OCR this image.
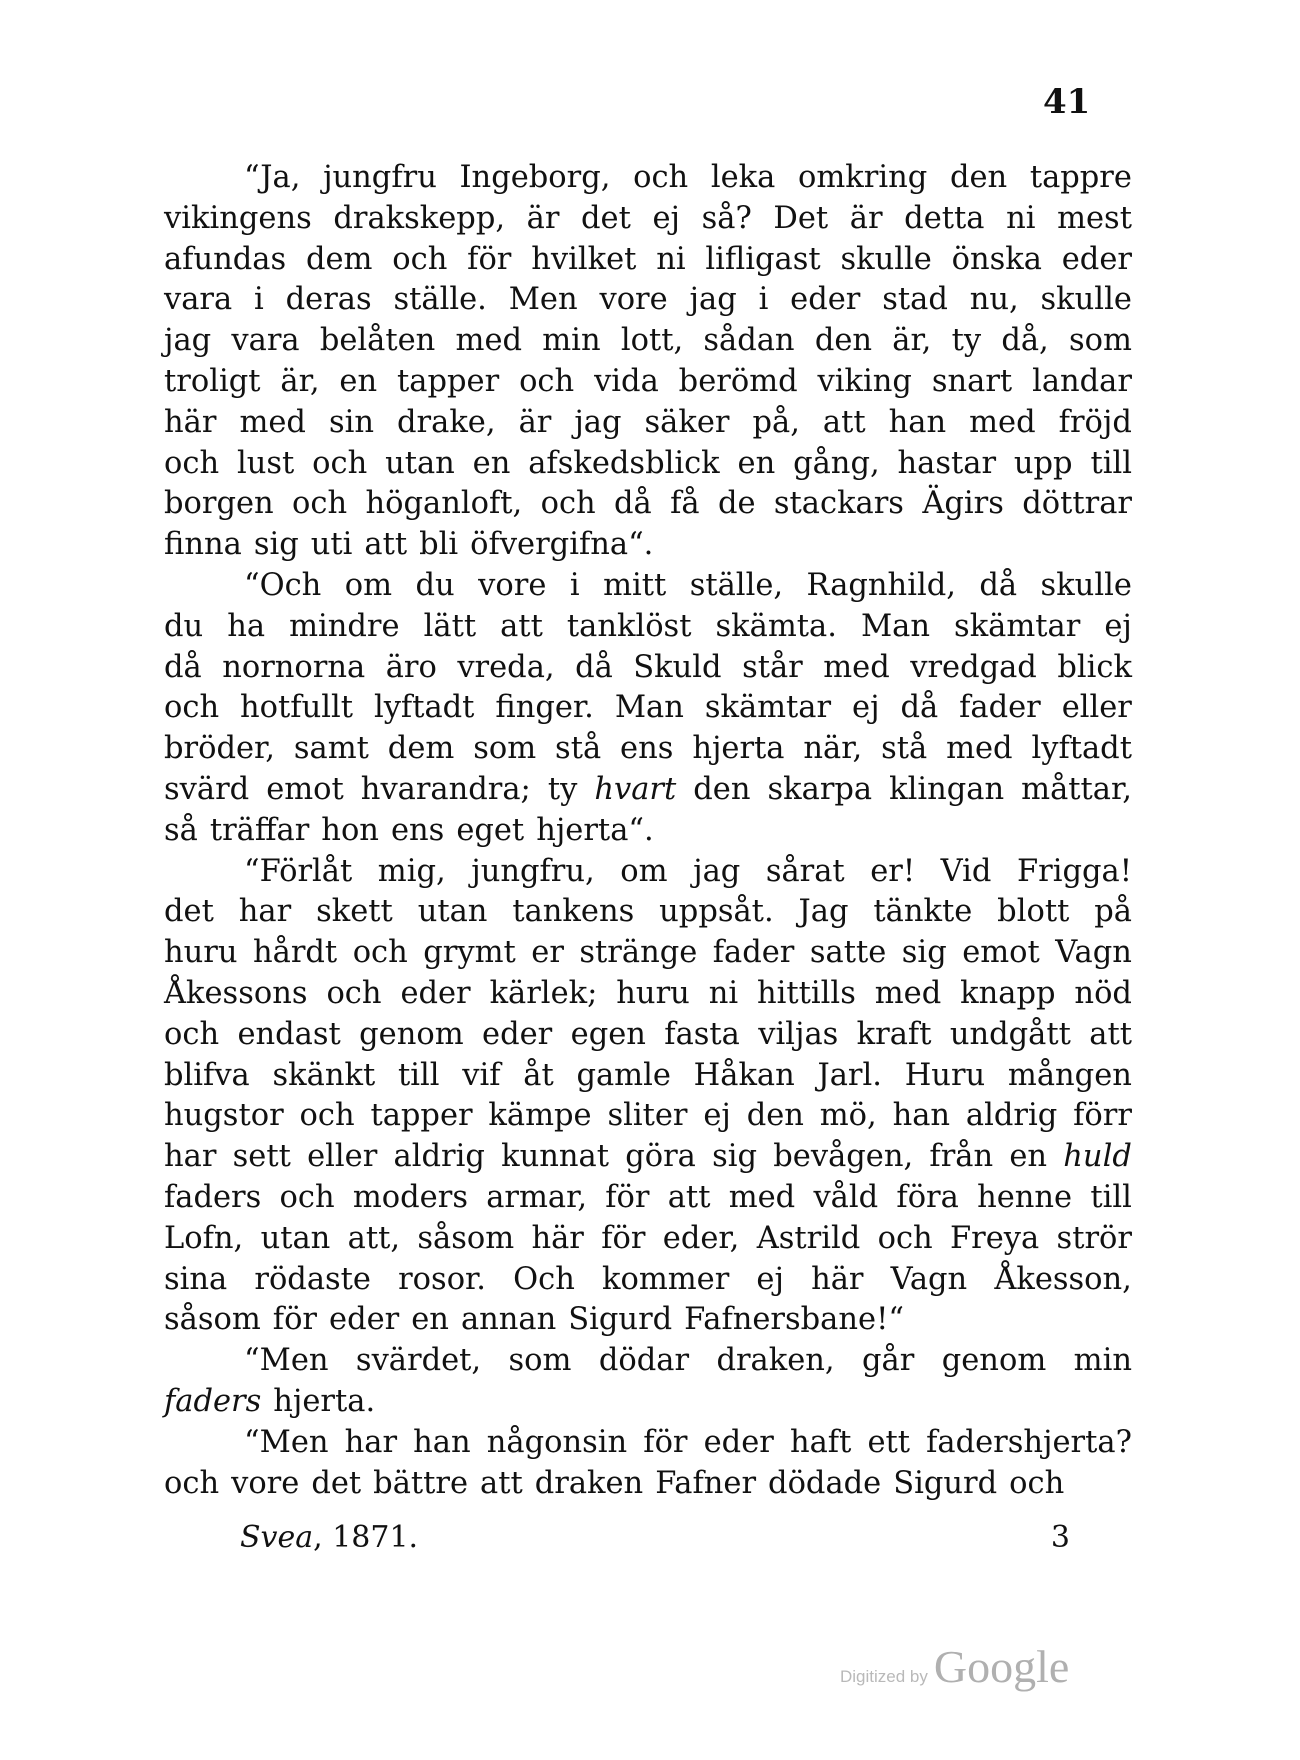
41
“Ja, jungfru Ingeborg, och leka omkring den tappre
vikingens drakskepp, är det ej så? Det är detta ni mest
afundas dem och för hvilket ni lifligast skulle önska eder
vara i deras ställe. Men vore jag i eder stad nu, skulle
jag vara belåten med min lott, sådan den är, ty då, som
troligt är, en tapper och vida berömd viking snart landar
här med sin drake, är jag säker på, att han med fröjd
och lust och utan en afskedsblick en gång, hastar upp till
borgen och höganloft, och då få de stackars Ägirs döttrar
finna sig uti att bli öfvergifna“.
“Och om du vore i mitt ställe, Ragnhild, då skulle
du ha mindre lätt att tanklöst skämta. Man skämtar ej
då nornorna äro vreda, då Skuld står med vredgad blick
och hotfullt lyftadt finger. Man skämtar ej då fader eller
bröder, samt dem som stå ens hjerta när, stå med lyftadt
svärd emot hvarandra; ty hvart den skarpa klingan måttar,
så träffar hon ens eget hjerta“.
“Förlåt mig, jungfru, om jag sårat er! Vid Frigga!
det har skett utan tankens uppsåt. Jag tänkte blott på
huru hårdt och grymt er stränge fader satte sig emot Vagn
Åkessons och eder kärlek; huru ni hittills med knapp nöd
och endast genom eder egen fasta viljas kraft undgått att
blifva skänkt till vif åt gamle Håkan Jarl. Huru mången
hugstor och tapper kämpe sliter ej den mö, han aldrig förr
har sett eller aldrig kunnat göra sig bevågen, från en huld
faders och moders armar, för att med våld föra henne till
Lofn, utan att, såsom här för eder, Astrild och Freya strör
sina rödaste rosor. Och kommer ej här Vagn Åkesson,
såsom för eder en annan Sigurd Fafnersbane!“
“Men svärdet, som dödar draken, går genom min
faders hjerta.
“Men har han någonsin för eder haft ett fadershjerta?
och vore det bättre att draken Fafner dödade Sigurd och
Svea, 1871.	3
Digitized by Google
